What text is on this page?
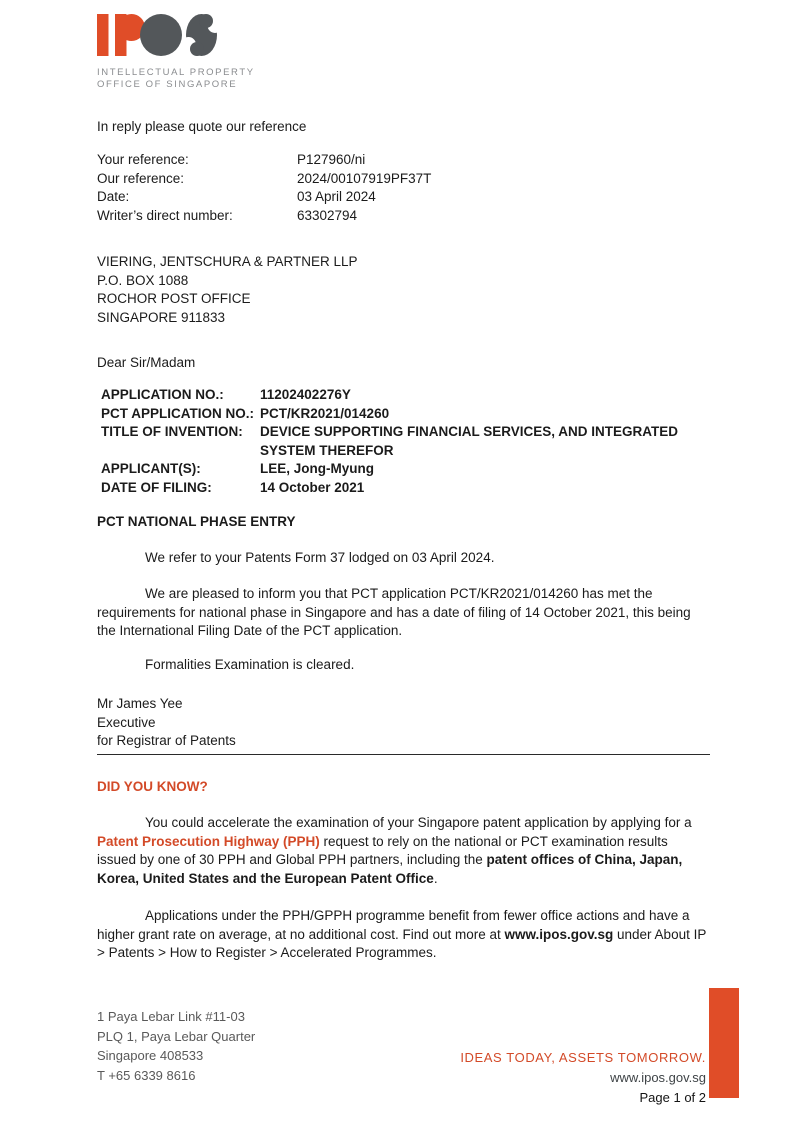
INTELLECTUAL PROPERTY
OFFICE OF SINGAPORE

In reply please quote our reference

Your reference:	P127960/ni
Our reference:	2024/00107919PF37T
Date:	03 April 2024
Writer’s direct number:	63302794
VIERING, JENTSCHURA & PARTNER LLP
P.O. BOX 1088
ROCHOR POST OFFICE
SINGAPORE 911833

Dear Sir/Madam

APPLICATION NO.:	11202402276Y
PCT APPLICATION NO.: PCT/KR2021/014260
TITLE OF INVENTION:	DEVICE SUPPORTING FINANCIAL SERVICES, AND INTEGRATED SYSTEM THEREFOR
APPLICANT(S):	LEE, Jong-Myung
DATE OF FILING:	14 October 2021

PCT NATIONAL PHASE ENTRY

We refer to your Patents Form 37 lodged on 03 April 2024.

We are pleased to inform you that PCT application PCT/KR2021/014260 has met the requirements for national phase in Singapore and has a date of filing of 14 October 2021, this being the International Filing Date of the PCT application.

Formalities Examination is cleared.

Mr James Yee
Executive
for Registrar of Patents

DID YOU KNOW?

You could accelerate the examination of your Singapore patent application by applying for a Patent Prosecution Highway (PPH) request to rely on the national or PCT examination results issued by one of 30 PPH and Global PPH partners, including the patent offices of China, Japan, Korea, United States and the European Patent Office.

Applications under the PPH/GPPH programme benefit from fewer office actions and have a higher grant rate on average, at no additional cost. Find out more at www.ipos.gov.sg under About IP > Patents > How to Register > Accelerated Programmes.

1 Paya Lebar Link #11-03
PLQ 1, Paya Lebar Quarter
Singapore 408533
T +65 6339 8616
IDEAS TODAY, ASSETS TOMORROW.
www.ipos.gov.sg
Page 1 of 2
